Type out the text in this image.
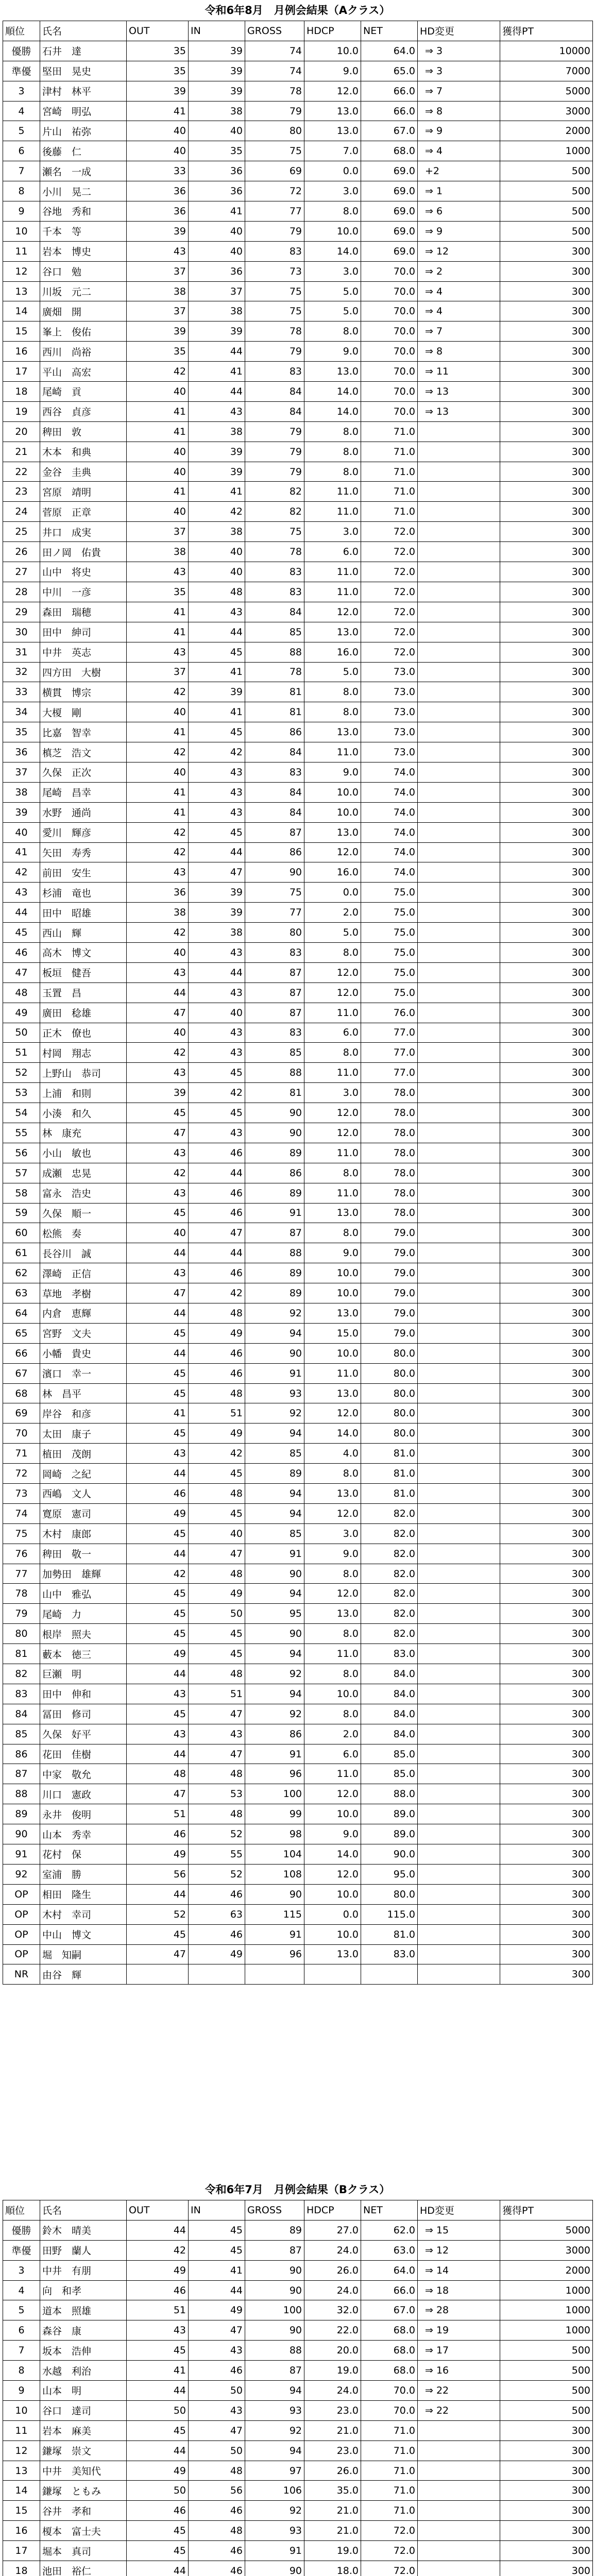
令和6年8月　月例会結果（Aクラス）
順位	氏名	OUT	IN	GROSS	HDCP	NET	HD変更	獲得PT
優勝	石井　達	35	39	74	10.0	64.0	⇒ 3	10000
準優	堅田　晃史	35	39	74	9.0	65.0	⇒ 3	7000
3	津村　林平	39	39	78	12.0	66.0	⇒ 7	5000
4	宮崎　明弘	41	38	79	13.0	66.0	⇒ 8	3000
5	片山　祐弥	40	40	80	13.0	67.0	⇒ 9	2000
6	後藤　仁	40	35	75	7.0	68.0	⇒ 4	1000
7	瀬名　一成	33	36	69	0.0	69.0	+2	500
8	小川　晃二	36	36	72	3.0	69.0	⇒ 1	500
9	谷地　秀和	36	41	77	8.0	69.0	⇒ 6	500
10	千本　等	39	40	79	10.0	69.0	⇒ 9	500
11	岩本　博史	43	40	83	14.0	69.0	⇒ 12	300
12	谷口　勉	37	36	73	3.0	70.0	⇒ 2	300
13	川坂　元二	38	37	75	5.0	70.0	⇒ 4	300
14	廣畑　開	37	38	75	5.0	70.0	⇒ 4	300
15	峯上　俊佑	39	39	78	8.0	70.0	⇒ 7	300
16	西川　尚裕	35	44	79	9.0	70.0	⇒ 8	300
17	平山　高宏	42	41	83	13.0	70.0	⇒ 11	300
18	尾崎　貢	40	44	84	14.0	70.0	⇒ 13	300
19	西谷　貞彦	41	43	84	14.0	70.0	⇒ 13	300
20	稗田　敦	41	38	79	8.0	71.0		300
21	木本　和典	40	39	79	8.0	71.0		300
22	金谷　圭典	40	39	79	8.0	71.0		300
23	宮原　靖明	41	41	82	11.0	71.0		300
24	菅原　正章	40	42	82	11.0	71.0		300
25	井口　成実	37	38	75	3.0	72.0		300
26	田ノ岡　佑貴	38	40	78	6.0	72.0		300
27	山中　将史	43	40	83	11.0	72.0		300
28	中川　一彦	35	48	83	11.0	72.0		300
29	森田　瑞穂	41	43	84	12.0	72.0		300
30	田中　紳司	41	44	85	13.0	72.0		300
31	中井　英志	43	45	88	16.0	72.0		300
32	四方田　大樹	37	41	78	5.0	73.0		300
33	横貫　博宗	42	39	81	8.0	73.0		300
34	大榎　剛	40	41	81	8.0	73.0		300
35	比嘉　智幸	41	45	86	13.0	73.0		300
36	槙芝　浩文	42	42	84	11.0	73.0		300
37	久保　正次	40	43	83	9.0	74.0		300
38	尾崎　昌幸	41	43	84	10.0	74.0		300
39	水野　通尚	41	43	84	10.0	74.0		300
40	愛川　輝彦	42	45	87	13.0	74.0		300
41	矢田　寿秀	42	44	86	12.0	74.0		300
42	前田　安生	43	47	90	16.0	74.0		300
43	杉浦　竜也	36	39	75	0.0	75.0		300
44	田中　昭雄	38	39	77	2.0	75.0		300
45	西山　輝	42	38	80	5.0	75.0		300
46	高木　博文	40	43	83	8.0	75.0		300
47	板垣　健吾	43	44	87	12.0	75.0		300
48	玉置　昌	44	43	87	12.0	75.0		300
49	廣田　稔雄	47	40	87	11.0	76.0		300
50	正木　僚也	40	43	83	6.0	77.0		300
51	村岡　翔志	42	43	85	8.0	77.0		300
52	上野山　恭司	43	45	88	11.0	77.0		300
53	上浦　和則	39	42	81	3.0	78.0		300
54	小湊　和久	45	45	90	12.0	78.0		300
55	林　康充	47	43	90	12.0	78.0		300
56	小山　敏也	43	46	89	11.0	78.0		300
57	成瀬　忠晃	42	44	86	8.0	78.0		300
58	富永　浩史	43	46	89	11.0	78.0		300
59	久保　順一	45	46	91	13.0	78.0		300
60	松熊　奏	40	47	87	8.0	79.0		300
61	長谷川　誠	44	44	88	9.0	79.0		300
62	澤崎　正信	43	46	89	10.0	79.0		300
63	草地　孝樹	47	42	89	10.0	79.0		300
64	内倉　恵輝	44	48	92	13.0	79.0		300
65	宮野　文夫	45	49	94	15.0	79.0		300
66	小幡　貴史	44	46	90	10.0	80.0		300
67	濱口　幸一	45	46	91	11.0	80.0		300
68	林　昌平	45	48	93	13.0	80.0		300
69	岸谷　和彦	41	51	92	12.0	80.0		300
70	太田　康子	45	49	94	14.0	80.0		300
71	植田　茂朗	43	42	85	4.0	81.0		300
72	岡崎　之紀	44	45	89	8.0	81.0		300
73	西嶋　文人	46	48	94	13.0	81.0		300
74	寛原　憲司	49	45	94	12.0	82.0		300
75	木村　康郎	45	40	85	3.0	82.0		300
76	稗田　敬一	44	47	91	9.0	82.0		300
77	加勢田　雄輝	42	48	90	8.0	82.0		300
78	山中　雅弘	45	49	94	12.0	82.0		300
79	尾崎　力	45	50	95	13.0	82.0		300
80	根岸　照夫	45	45	90	8.0	82.0		300
81	藪本　徳三	49	45	94	11.0	83.0		300
82	巨瀬　明	44	48	92	8.0	84.0		300
83	田中　伸和	43	51	94	10.0	84.0		300
84	冨田　修司	45	47	92	8.0	84.0		300
85	久保　好平	43	43	86	2.0	84.0		300
86	花田　佳樹	44	47	91	6.0	85.0		300
87	中家　敬允	48	48	96	11.0	85.0		300
88	川口　憲政	47	53	100	12.0	88.0		300
89	永井　俊明	51	48	99	10.0	89.0		300
90	山本　秀幸	46	52	98	9.0	89.0		300
91	花村　保	49	55	104	14.0	90.0		300
92	室浦　勝	56	52	108	12.0	95.0		300
OP	相田　隆生	44	46	90	10.0	80.0		300
OP	木村　幸司	52	63	115	0.0	115.0		300
OP	中山　博文	45	46	91	10.0	81.0		300
OP	堀　知嗣	47	49	96	13.0	83.0		300
NR	由谷　輝							300
令和6年7月　月例会結果（Bクラス）
順位	氏名	OUT	IN	GROSS	HDCP	NET	HD変更	獲得PT
優勝	鈴木　晴美	44	45	89	27.0	62.0	⇒ 15	5000
準優	田野　蘭人	42	45	87	24.0	63.0	⇒ 12	3000
3	中井　有朋	49	41	90	26.0	64.0	⇒ 14	2000
4	向　和孝	46	44	90	24.0	66.0	⇒ 18	1000
5	道本　照雄	51	49	100	32.0	67.0	⇒ 28	1000
6	森谷　康	43	47	90	22.0	68.0	⇒ 19	1000
7	坂本　浩伸	45	43	88	20.0	68.0	⇒ 17	500
8	水越　利治	41	46	87	19.0	68.0	⇒ 16	500
9	山本　明	44	50	94	24.0	70.0	⇒ 22	500
10	谷口　達司	50	43	93	23.0	70.0	⇒ 22	500
11	岩本　麻美	45	47	92	21.0	71.0		300
12	鎌塚　崇文	44	50	94	23.0	71.0		300
13	中井　美知代	49	48	97	26.0	71.0		300
14	鎌塚　ともみ	50	56	106	35.0	71.0		300
15	谷井　孝和	46	46	92	21.0	71.0		300
16	榎本　富士夫	45	48	93	21.0	72.0		300
17	堀本　真司	45	46	91	19.0	72.0		300
18	池田　裕仁	44	46	90	18.0	72.0		300
